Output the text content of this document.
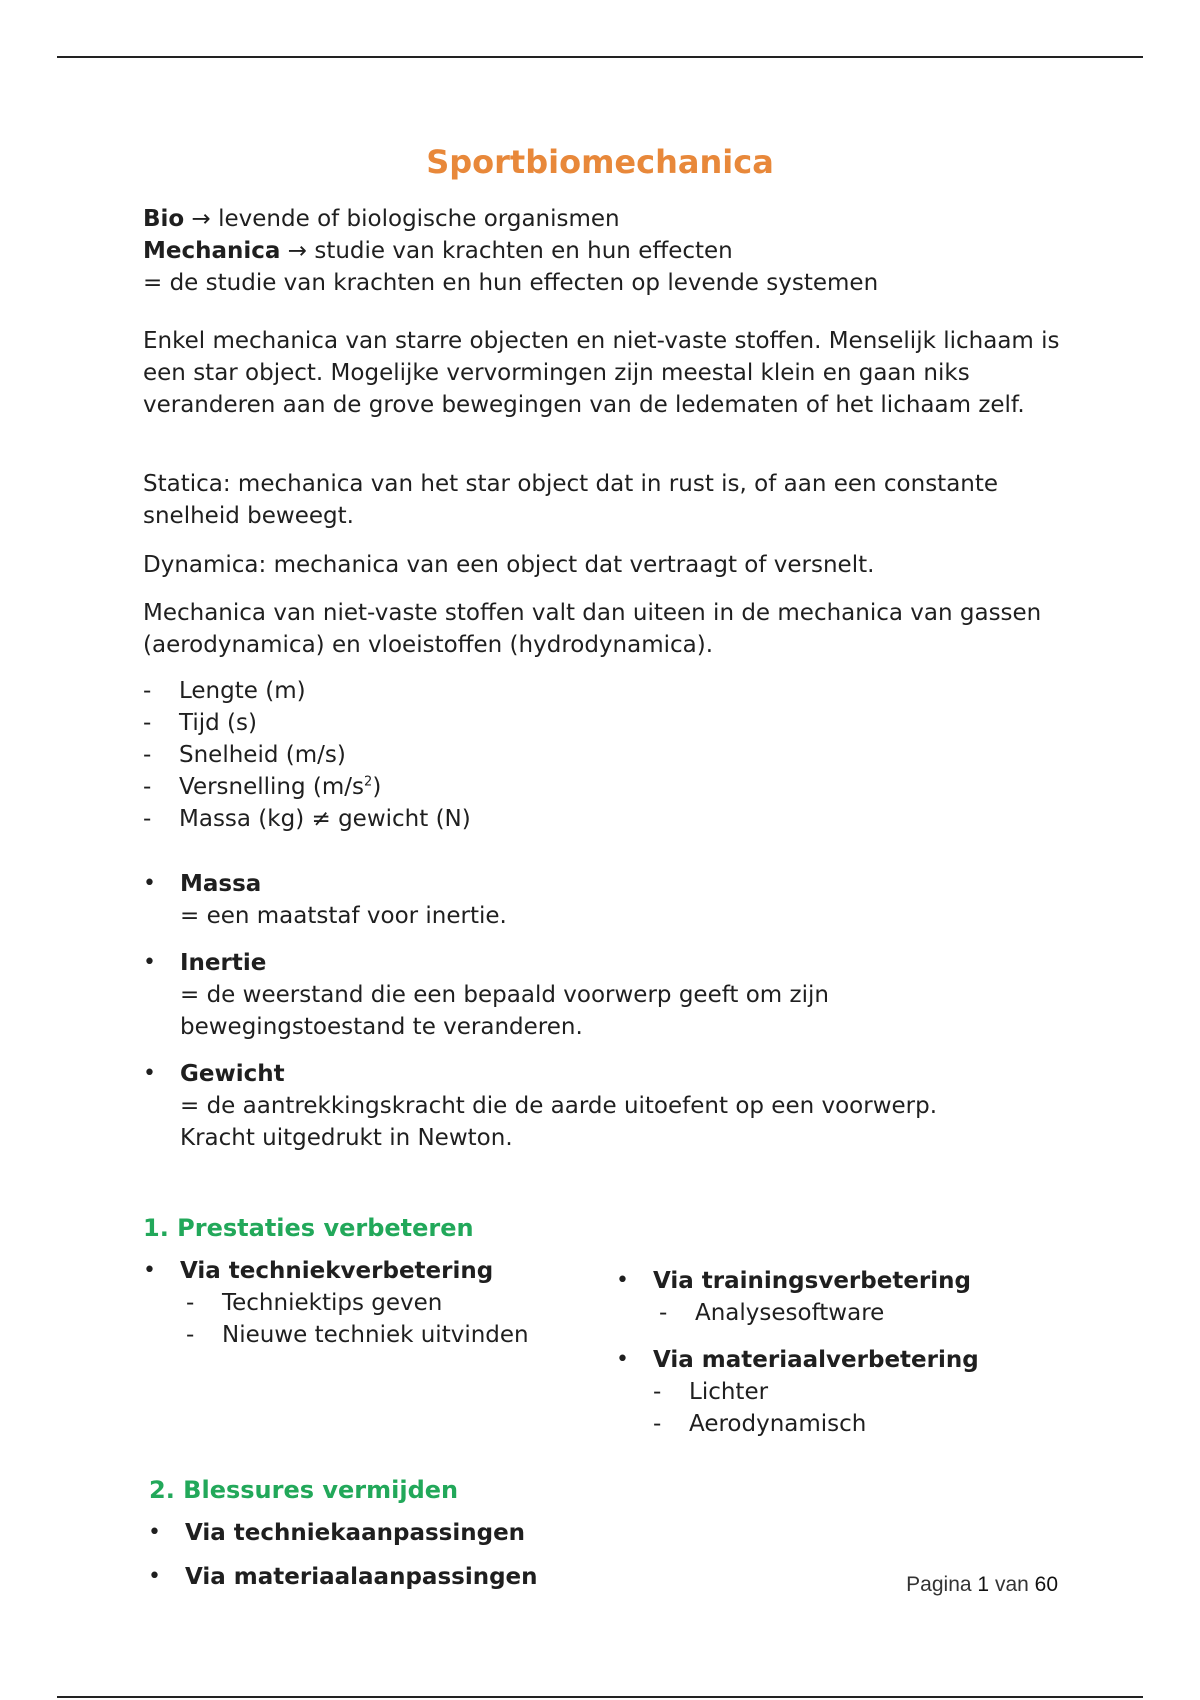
Sportbiomechanica
Bio → levende of biologische organismen
Mechanica → studie van krachten en hun effecten
= de studie van krachten en hun effecten op levende systemen
Enkel mechanica van starre objecten en niet-vaste stoffen. Menselijk lichaam is een star object. Mogelijke vervormingen zijn meestal klein en gaan niks veranderen aan de grove bewegingen van de ledematen of het lichaam zelf.
Statica: mechanica van het star object dat in rust is, of aan een constante snelheid beweegt.
Dynamica: mechanica van een object dat vertraagt of versnelt.
Mechanica van niet-vaste stoffen valt dan uiteen in de mechanica van gassen (aerodynamica) en vloeistoffen (hydrodynamica).
-	Lengte (m)
-	Tijd (s)
-	Snelheid (m/s)
-	Versnelling $(m/s^2)$
-	Massa (kg) ≠ gewicht (N)
•	Massa
= een maatstaf voor inertie.
•	Inertie
= de weerstand die een bepaald voorwerp geeft om zijn
bewegingstoestand te veranderen.
•	Gewicht
= de aantrekkingskracht die de aarde uitoefent op een voorwerp.
Kracht uitgedrukt in Newton.
1. Prestaties verbeteren
•	Via techniekverbetering
-	Techniektips geven
-	Nieuwe techniek uitvinden
•	Via trainingsverbetering
-	Analysesoftware
•	Via materiaalverbetering
-	Lichter
-	Aerodynamisch
2. Blessures vermijden
•	Via techniekaanpassingen
•	Via materiaalaanpassingen	Pagina 1 van 60
